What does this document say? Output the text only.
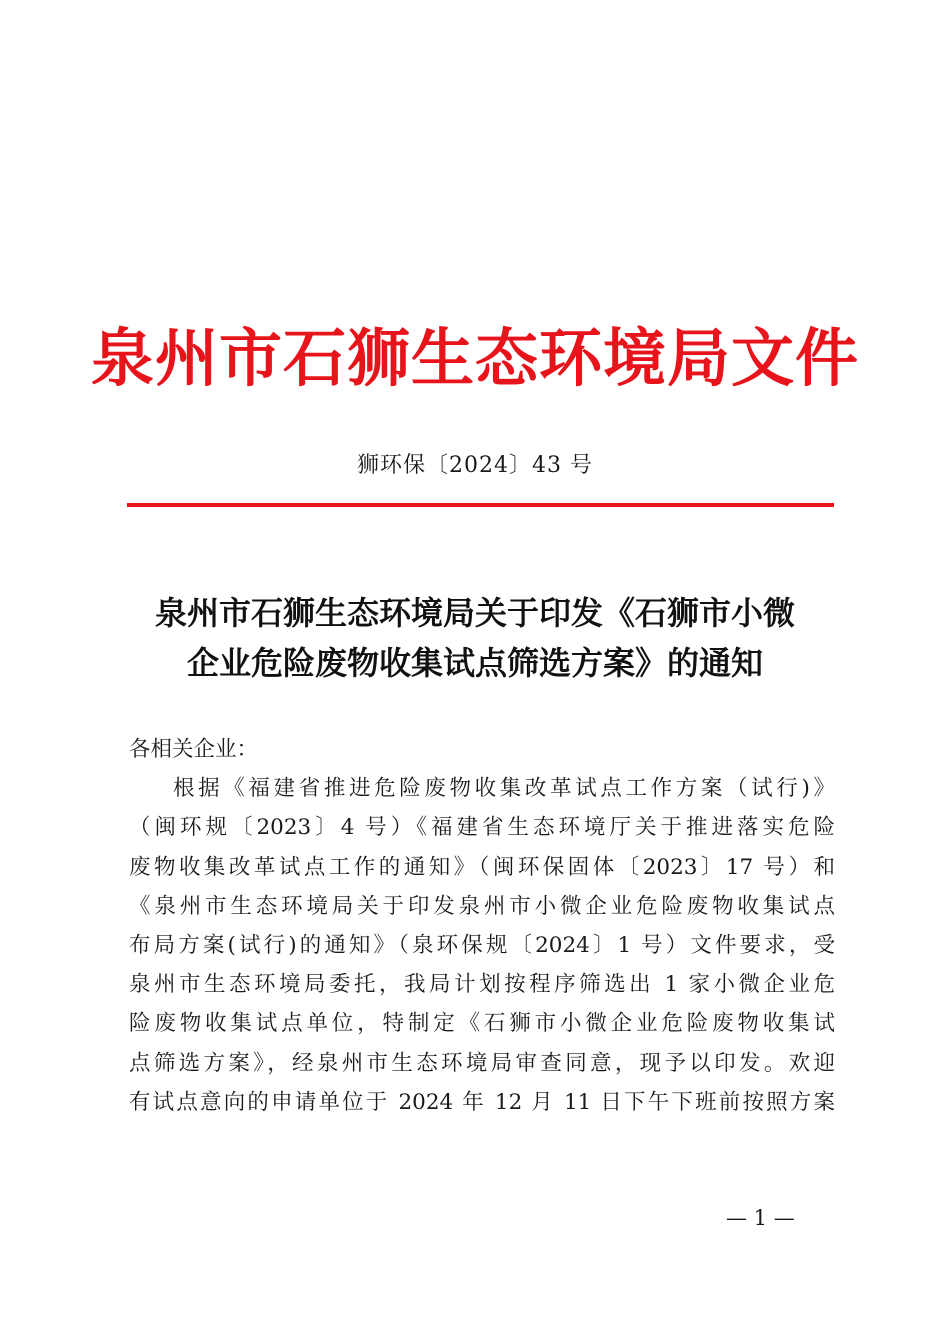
泉州市石狮生态环境局文件
狮环保〔2024〕43 号
泉州市石狮生态环境局关于印发《石狮市小微
企业危险废物收集试点筛选方案》的通知
各相关企业：
根据《福建省推进危险废物收集改革试点工作方案（试行)》
（闽环规〔2023〕4 号）《福建省生态环境厅关于推进落实危险
废物收集改革试点工作的通知》（闽环保固体〔2023〕17 号）和
《泉州市生态环境局关于印发泉州市小微企业危险废物收集试点
布局方案(试行)的通知》（泉环保规〔2024〕1 号）文件要求，受
泉州市生态环境局委托，我局计划按程序筛选出 1 家小微企业危
险废物收集试点单位，特制定《石狮市小微企业危险废物收集试
点筛选方案》，经泉州市生态环境局审查同意，现予以印发。欢迎
有试点意向的申请单位于 2024 年 12 月 11 日下午下班前按照方案
— 1 —
